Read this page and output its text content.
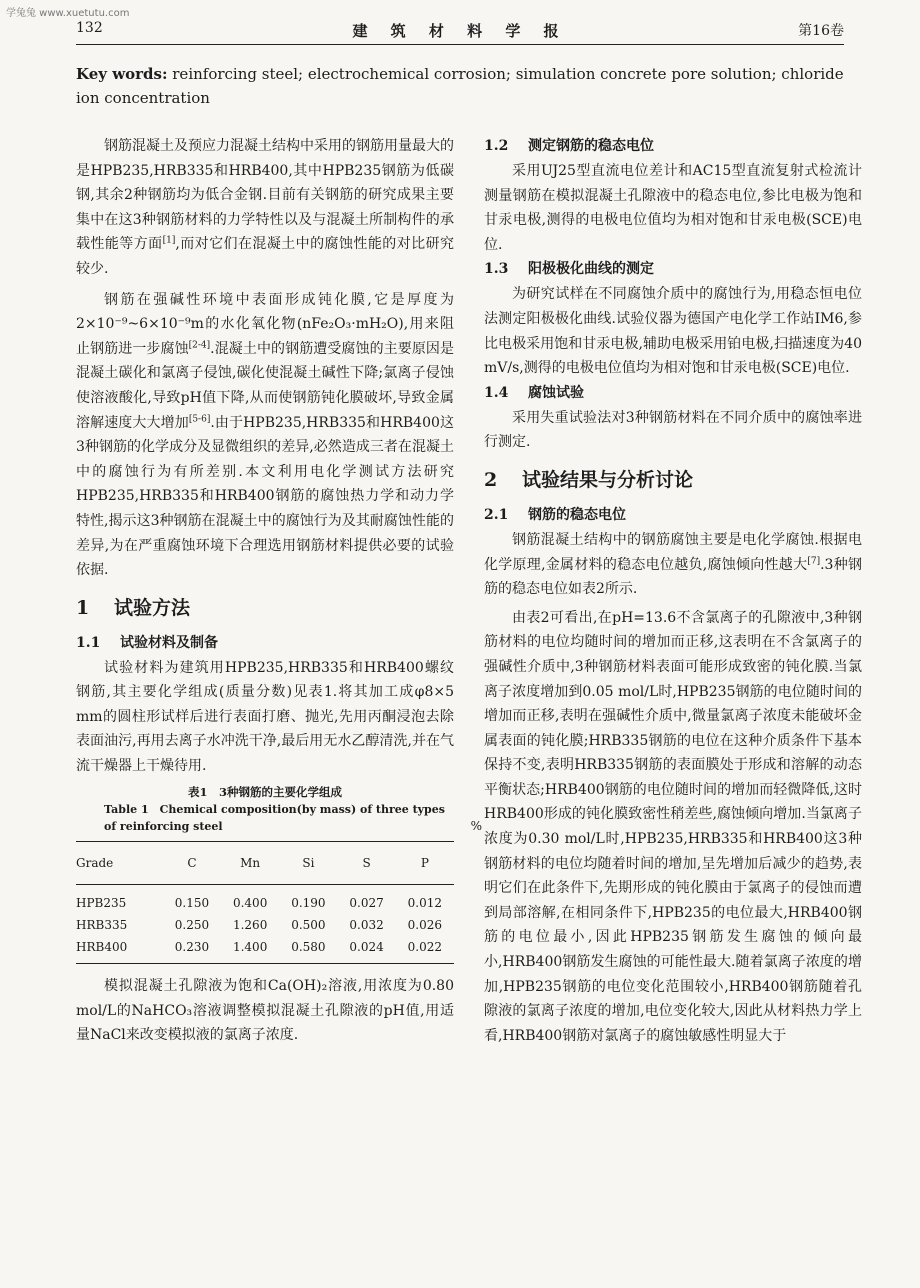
学兔兔 www.xuetutu.com
132	建 筑 材 料 学 报	第16卷
Key words: reinforcing steel; electrochemical corrosion; simulation concrete pore solution; chloride ion concentration

钢筋混凝土及预应力混凝土结构中采用的钢筋用量最大的是HPB235,HRB335和HRB400,其中HPB235钢筋为低碳钢,其余2种钢筋均为低合金钢.目前有关钢筋的研究成果主要集中在这3种钢筋材料的力学特性以及与混凝土所制构件的承载性能等方面[1],而对它们在混凝土中的腐蚀性能的对比研究较少.

钢筋在强碱性环境中表面形成钝化膜,它是厚度为2×10⁻⁹~6×10⁻⁹m的水化氧化物(nFe₂O₃·mH₂O),用来阻止钢筋进一步腐蚀[2-4].混凝土中的钢筋遭受腐蚀的主要原因是混凝土碳化和氯离子侵蚀,碳化使混凝土碱性下降;氯离子侵蚀使溶液酸化,导致pH值下降,从而使钢筋钝化膜破坏,导致金属溶解速度大大增加[5-6].由于HPB235,HRB335和HRB400这3种钢筋的化学成分及显微组织的差异,必然造成三者在混凝土中的腐蚀行为有所差别.本文利用电化学测试方法研究HPB235,HRB335和HRB400钢筋的腐蚀热力学和动力学特性,揭示这3种钢筋在混凝土中的腐蚀行为及其耐腐蚀性能的差异,为在严重腐蚀环境下合理选用钢筋材料提供必要的试验依据.

1 试验方法
1.1 试验材料及制备

试验材料为建筑用HPB235,HRB335和HRB400螺纹钢筋,其主要化学组成(质量分数)见表1.将其加工成φ8×5 mm的圆柱形试样后进行表面打磨、抛光,先用丙酮浸泡去除表面油污,再用去离子水冲洗干净,最后用无水乙醇清洗,并在气流干燥器上干燥待用.

表1　3种钢筋的主要化学组成
Table 1　Chemical composition(by mass) of three types of reinforcing steel	%
Grade	C	Mn	Si	S	P
HPB235	0.150	0.400	0.190	0.027	0.012
HRB335	0.250	1.260	0.500	0.032	0.026
HRB400	0.230	1.400	0.580	0.024	0.022

模拟混凝土孔隙液为饱和Ca(OH)₂溶液,用浓度为0.80 mol/L的NaHCO₃溶液调整模拟混凝土孔隙液的pH值,用适量NaCl来改变模拟液的氯离子浓度.

1.2 测定钢筋的稳态电位

采用UJ25型直流电位差计和AC15型直流复射式检流计测量钢筋在模拟混凝土孔隙液中的稳态电位,参比电极为饱和甘汞电极,测得的电极电位值均为相对饱和甘汞电极(SCE)电位.

1.3 阳极极化曲线的测定

为研究试样在不同腐蚀介质中的腐蚀行为,用稳态恒电位法测定阳极极化曲线.试验仪器为德国产电化学工作站IM6,参比电极采用饱和甘汞电极,辅助电极采用铂电极,扫描速度为40 mV/s,测得的电极电位值均为相对饱和甘汞电极(SCE)电位.

1.4 腐蚀试验

采用失重试验法对3种钢筋材料在不同介质中的腐蚀率进行测定.

2 试验结果与分析讨论
2.1 钢筋的稳态电位

钢筋混凝土结构中的钢筋腐蚀主要是电化学腐蚀.根据电化学原理,金属材料的稳态电位越负,腐蚀倾向性越大[7].3种钢筋的稳态电位如表2所示.

由表2可看出,在pH=13.6不含氯离子的孔隙液中,3种钢筋材料的电位均随时间的增加而正移,这表明在不含氯离子的强碱性介质中,3种钢筋材料表面可能形成致密的钝化膜.当氯离子浓度增加到0.05 mol/L时,HPB235钢筋的电位随时间的增加而正移,表明在强碱性介质中,微量氯离子浓度未能破坏金属表面的钝化膜;HRB335钢筋的电位在这种介质条件下基本保持不变,表明HRB335钢筋的表面膜处于形成和溶解的动态平衡状态;HRB400钢筋的电位随时间的增加而轻微降低,这时HRB400形成的钝化膜致密性稍差些,腐蚀倾向增加.当氯离子浓度为0.30 mol/L时,HPB235,HRB335和HRB400这3种钢筋材料的电位均随着时间的增加,呈先增加后减少的趋势,表明它们在此条件下,先期形成的钝化膜由于氯离子的侵蚀而遭到局部溶解,在相同条件下,HPB235的电位最大,HRB400钢筋的电位最小,因此HPB235钢筋发生腐蚀的倾向最小,HRB400钢筋发生腐蚀的可能性最大.随着氯离子浓度的增加,HPB235钢筋的电位变化范围较小,HRB400钢筋随着孔隙液的氯离子浓度的增加,电位变化较大,因此从材料热力学上看,HRB400钢筋对氯离子的腐蚀敏感性明显大于
